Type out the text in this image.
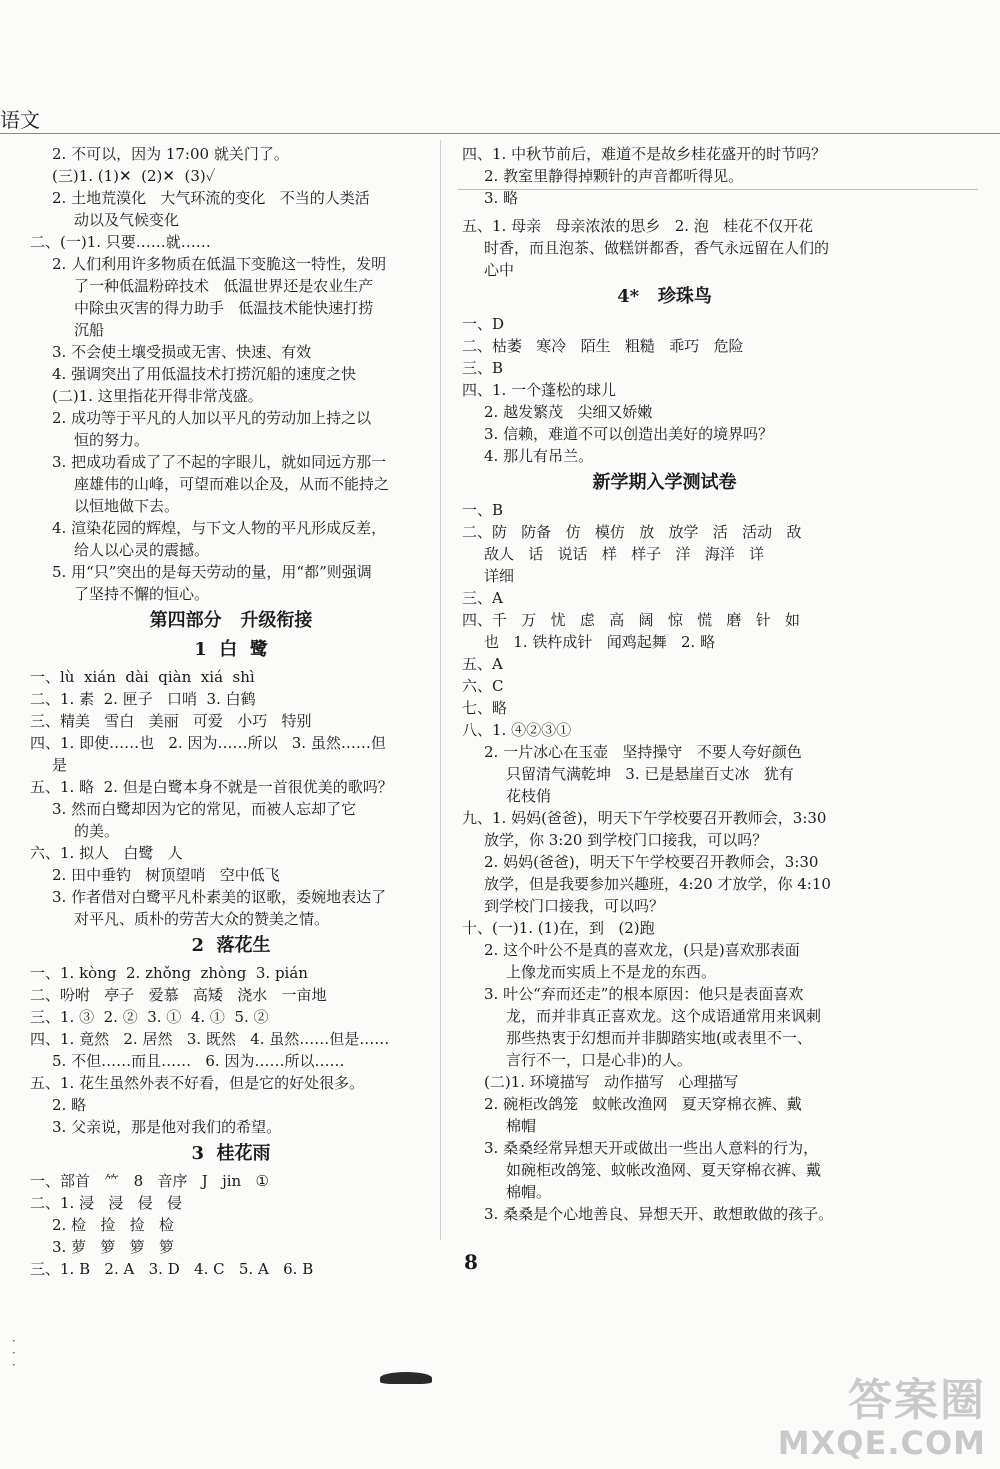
语文
2. 不可以，因为 17:00 就关门了。
(三)1. (1)✕  (2)✕  (3)✓
2. 土地荒漠化   大气环流的变化   不当的人类活
动以及气候变化
二、(一)1. 只要……就……
2. 人们利用许多物质在低温下变脆这一特性，发明
了一种低温粉碎技术   低温世界还是农业生产
中除虫灭害的得力助手   低温技术能快速打捞
沉船
3. 不会使土壤受损或无害、快速、有效
4. 强调突出了用低温技术打捞沉船的速度之快
(二)1. 这里指花开得非常茂盛。
2. 成功等于平凡的人加以平凡的劳动加上持之以
恒的努力。
3. 把成功看成了了不起的字眼儿，就如同远方那一
座雄伟的山峰，可望而难以企及，从而不能持之
以恒地做下去。
4. 渲染花园的辉煌，与下文人物的平凡形成反差，
给人以心灵的震撼。
5. 用“只”突出的是每天劳动的量，用“都”则强调
了坚持不懈的恒心。
第四部分   升级衔接
1  白  鹭
一、lù  xián  dài  qiàn  xiá  shì
二、1. 素  2. 匣子   口哨  3. 白鹤
三、精美   雪白   美丽   可爱   小巧   特别
四、1. 即使……也   2. 因为……所以   3. 虽然……但
是
五、1. 略  2. 但是白鹭本身不就是一首很优美的歌吗？
3. 然而白鹭却因为它的常见，而被人忘却了它
的美。
六、1. 拟人   白鹭   人
2. 田中垂钓   树顶望哨   空中低飞
3. 作者借对白鹭平凡朴素美的讴歌，委婉地表达了
对平凡、质朴的劳苦大众的赞美之情。
2  落花生
一、1. kòng  2. zhǒng  zhòng  3. pián
二、吩咐   亭子   爱慕   高矮   浇水   一亩地
三、1. ③  2. ②  3. ①  4. ①  5. ②
四、1. 竟然   2. 居然   3. 既然   4. 虽然……但是……
5. 不但……而且……   6. 因为……所以……
五、1. 花生虽然外表不好看，但是它的好处很多。
2. 略
3. 父亲说，那是他对我们的希望。
3  桂花雨
一、部首   ⺮   8   音序   J   jin   ①
二、1. 浸   浸   侵   侵
2. 检   捡   捡   检
3. 萝   箩   箩   箩
三、1. B   2. A   3. D   4. C   5. A   6. B
四、1. 中秋节前后，难道不是故乡桂花盛开的时节吗？
2. 教室里静得掉颗针的声音都听得见。
3. 略
五、1. 母亲   母亲浓浓的思乡   2. 泡   桂花不仅开花
时香，而且泡茶、做糕饼都香，香气永远留在人们的
心中
4*   珍珠鸟
一、D
二、枯萎   寒冷   陌生   粗糙   乖巧   危险
三、B
四、1. 一个蓬松的球儿
2. 越发繁茂   尖细又娇嫩
3. 信赖，难道不可以创造出美好的境界吗？
4. 那儿有吊兰。
新学期入学测试卷
一、B
二、防   防备   仿   模仿   放   放学   活   活动   敌
敌人   话   说话   样   样子   洋   海洋   详
详细
三、A
四、千   万   忧   虑   高   阔   惊   慌   磨   针   如
也   1. 铁杵成针   闻鸡起舞   2. 略
五、A
六、C
七、略
八、1. ④②③①
2. 一片冰心在玉壶   坚持操守   不要人夸好颜色
只留清气满乾坤   3. 已是悬崖百丈冰   犹有
花枝俏
九、1. 妈妈(爸爸)，明天下午学校要召开教师会，3:30
放学，你 3:20 到学校门口接我，可以吗？
2. 妈妈(爸爸)，明天下午学校要召开教师会，3:30
放学，但是我要参加兴趣班，4:20 才放学，你 4:10
到学校门口接我，可以吗？
十、(一)1. (1)在，到   (2)跑
2. 这个叶公不是真的喜欢龙，(只是)喜欢那表面
上像龙而实质上不是龙的东西。
3. 叶公“弃而还走”的根本原因：他只是表面喜欢
龙，而并非真正喜欢龙。这个成语通常用来讽刺
那些热衷于幻想而并非脚踏实地(或表里不一、
言行不一，口是心非)的人。
(二)1. 环境描写   动作描写   心理描写
2. 碗柜改鸽笼   蚊帐改渔网   夏天穿棉衣裤、戴
棉帽
3. 桑桑经常异想天开或做出一些出人意料的行为，
如碗柜改鸽笼、蚊帐改渔网、夏天穿棉衣裤、戴
棉帽。
3. 桑桑是个心地善良、异想天开、敢想敢做的孩子。
8
·
·
·
答案圈
MXQE.COM
